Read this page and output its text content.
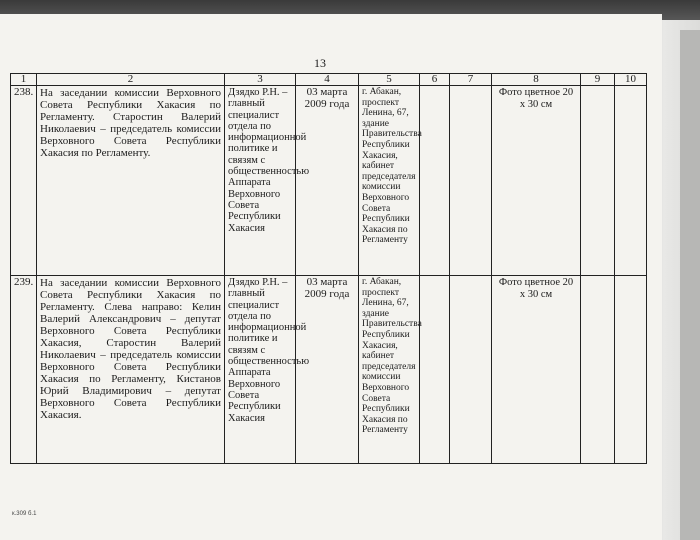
13
1	2	3	4	5	6	7	8	9	10
238.	На заседании комиссии Верховного Совета Республики Хакасия по Регламенту. Старостин Валерий Николаевич – председатель комиссии Верховного Совета Республики Хакасия по Регламенту.	Дзядко Р.Н. – главный специалист отдела по информационной политике и связям с общественностью Аппарата Верховного Совета Республики Хакасия	03 марта 2009 года	г. Абакан, проспект Ленина, 67, здание Правительства Республики Хакасия, кабинет председателя комиссии Верховного Совета Республики Хакасия по Регламенту			Фото цветное 20 х 30 см		
239.	На заседании комиссии Верховного Совета Республики Хакасия по Регламенту. Слева направо: Келин Валерий Александрович – депутат Верховного Совета Республики Хакасия, Старостин Валерий Николаевич – председатель комиссии Верховного Совета Республики Хакасия по Регламенту, Кистанов Юрий Владимирович – депутат Верховного Совета Республики Хакасия.	Дзядко Р.Н. – главный специалист отдела по информационной политике и связям с общественностью Аппарата Верховного Совета Республики Хакасия	03 марта 2009 года	г. Абакан, проспект Ленина, 67, здание Правительства Республики Хакасия, кабинет председателя комиссии Верховного Совета Республики Хакасия по Регламенту			Фото цветное 20 х 30 см		
к.309 б.1
